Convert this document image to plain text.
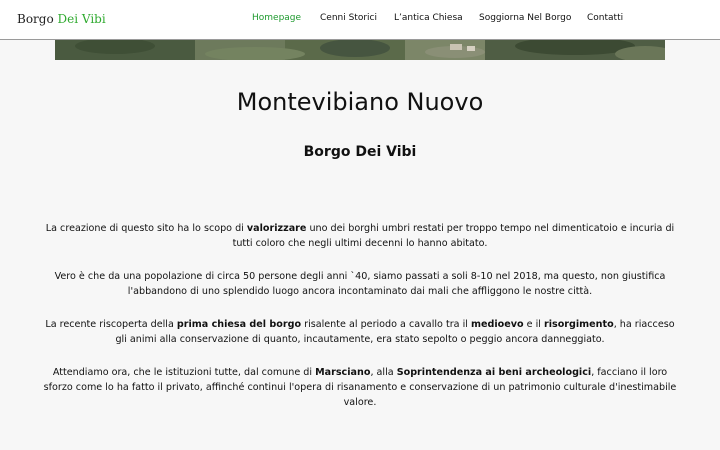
Borgo Dei Vibi	Homepage Cenni Storici L’antica Chiesa Soggiorna Nel Borgo Contatti
Montevibiano Nuovo
Borgo Dei Vibi

La creazione di questo sito ha lo scopo di valorizzare uno dei borghi umbri restati per troppo tempo nel dimenticatoio e incuria di tutti coloro che negli ultimi decenni lo hanno abitato.

Vero è che da una popolazione di circa 50 persone degli anni `40, siamo passati a soli 8-10 nel 2018, ma questo, non giustifica l'abbandono di uno splendido luogo ancora incontaminato dai mali che affliggono le nostre città.

La recente riscoperta della prima chiesa del borgo risalente al periodo a cavallo tra il medioevo e il risorgimento, ha riacceso gli animi alla conservazione di quanto, incautamente, era stato sepolto o peggio ancora danneggiato.

Attendiamo ora, che le istituzioni tutte, dal comune di Marsciano, alla Soprintendenza ai beni archeologici, facciano il loro sforzo come lo ha fatto il privato, affinché continui l'opera di risanamento e conservazione di un patrimonio culturale d'inestimabile valore.
